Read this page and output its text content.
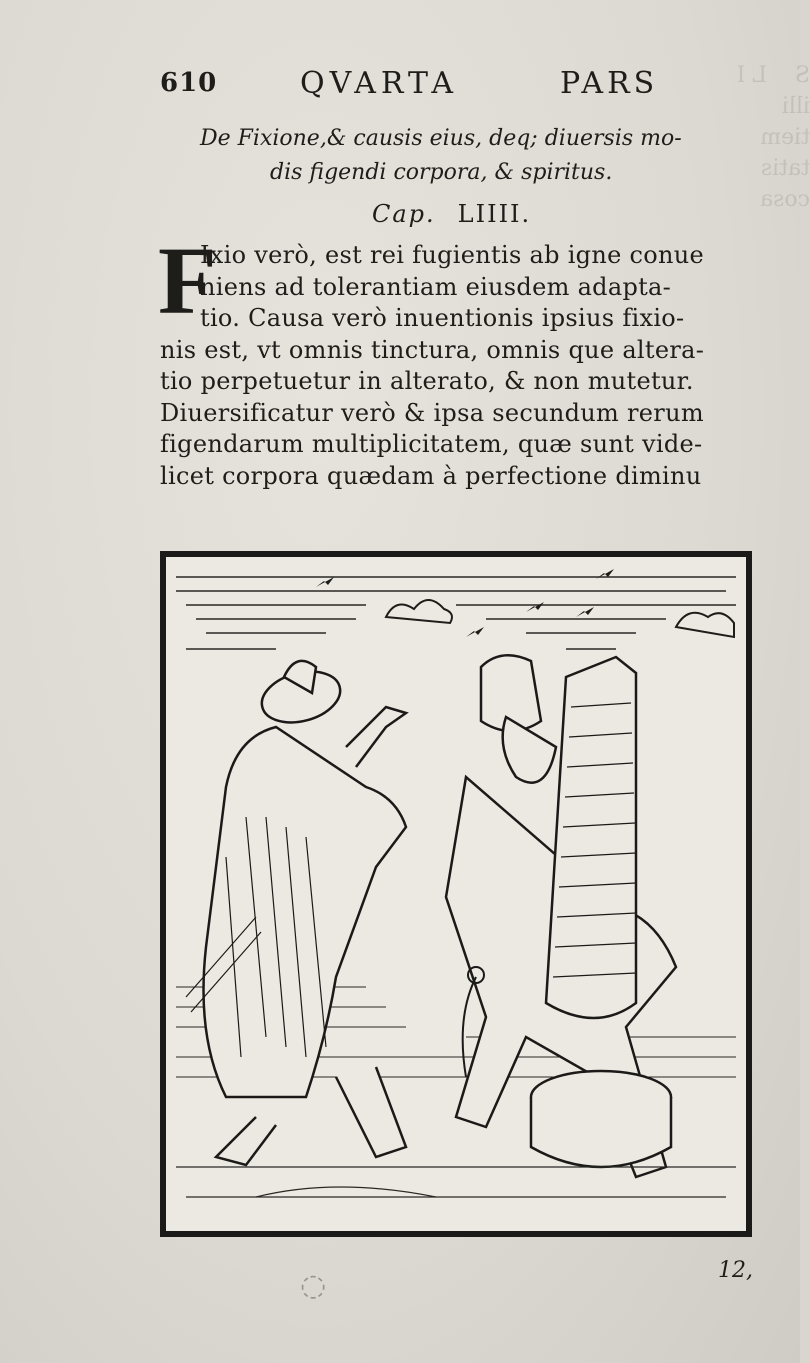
S    L I
illi
tiem
tatis
cosa
610	QVARTA	PARS
De Fixione,& causis eius, deq; diuersis mo-
dis figendi corpora, & spiritus.
Cap. LIIII.
F
Ixio verò, est rei fugientis ab igne conue
niens ad tolerantiam eiusdem adapta-
tio. Causa verò inuentionis ipsius fixio-
nis est, vt omnis tinctura, omnis que altera-
tio perpetuetur in alterato, & non mutetur.
Diuersificatur verò & ipsa secundum rerum
figendarum multiplicitatem, quæ sunt vide-
licet corpora quædam à perfectione diminu
◌	12,
